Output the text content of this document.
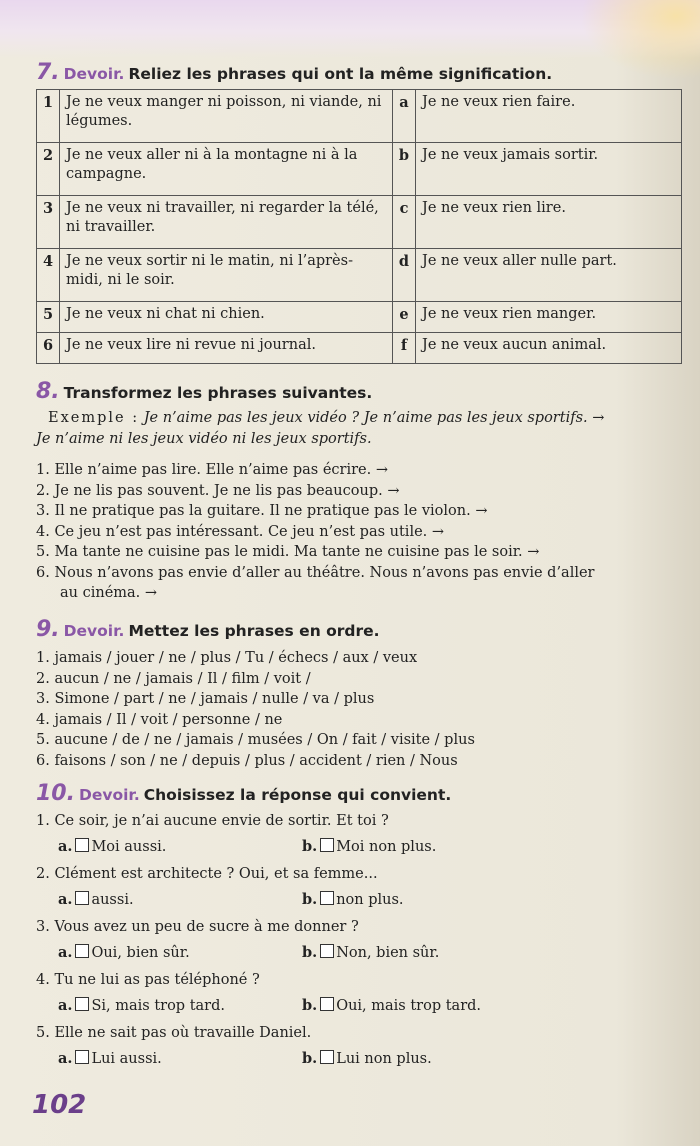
7. Devoir. Reliez les phrases qui ont la même signification.
1	Je ne veux manger ni poisson, ni viande, ni légumes.	a	Je ne veux rien faire.
2	Je ne veux aller ni à la montagne ni à la campagne.	b	Je ne veux jamais sortir.
3	Je ne veux ni travailler, ni regarder la télé, ni travailler.	c	Je ne veux rien lire.
4	Je ne veux sortir ni le matin, ni l’après-midi, ni le soir.	d	Je ne veux aller nulle part.
5	Je ne veux ni chat ni chien.	e	Je ne veux rien manger.
6	Je ne veux lire ni revue ni journal.	f	Je ne veux aucun animal.
8. Transformez les phrases suivantes.
Exemple : Je n’aime pas les jeux vidéo ? Je n’aime pas les jeux sportifs. →
Je n’aime ni les jeux vidéo ni les jeux sportifs.
1. Elle n’aime pas lire. Elle n’aime pas écrire. →
2. Je ne lis pas souvent. Je ne lis pas beaucoup. →
3. Il ne pratique pas la guitare. Il ne pratique pas le violon. →
4. Ce jeu n’est pas intéressant. Ce jeu n’est pas utile. →
5. Ma tante ne cuisine pas le midi. Ma tante ne cuisine pas le soir. →
6. Nous n’avons pas envie d’aller au théâtre. Nous n’avons pas envie d’aller
au cinéma. →
9. Devoir. Mettez les phrases en ordre.
1. jamais / jouer / ne / plus / Tu / échecs / aux / veux
2. aucun / ne / jamais / Il / film / voit /
3. Simone / part / ne / jamais / nulle / va / plus
4. jamais / Il / voit / personne / ne
5. aucune / de / ne / jamais / musées / On / fait / visite / plus
6. faisons / son / ne / depuis / plus / accident / rien / Nous
10. Devoir. Choisissez la réponse qui convient.
1. Ce soir, je n’ai aucune envie de sortir. Et toi ?
a. Moi aussi.	b. Moi non plus.
2. Clément est architecte ? Oui, et sa femme...
a. aussi.	b. non plus.
3. Vous avez un peu de sucre à me donner ?
a. Oui, bien sûr.	b. Non, bien sûr.
4. Tu ne lui as pas téléphoné ?
a. Si, mais trop tard.	b. Oui, mais trop tard.
5. Elle ne sait pas où travaille Daniel.
a. Lui aussi.	b. Lui non plus.
102
